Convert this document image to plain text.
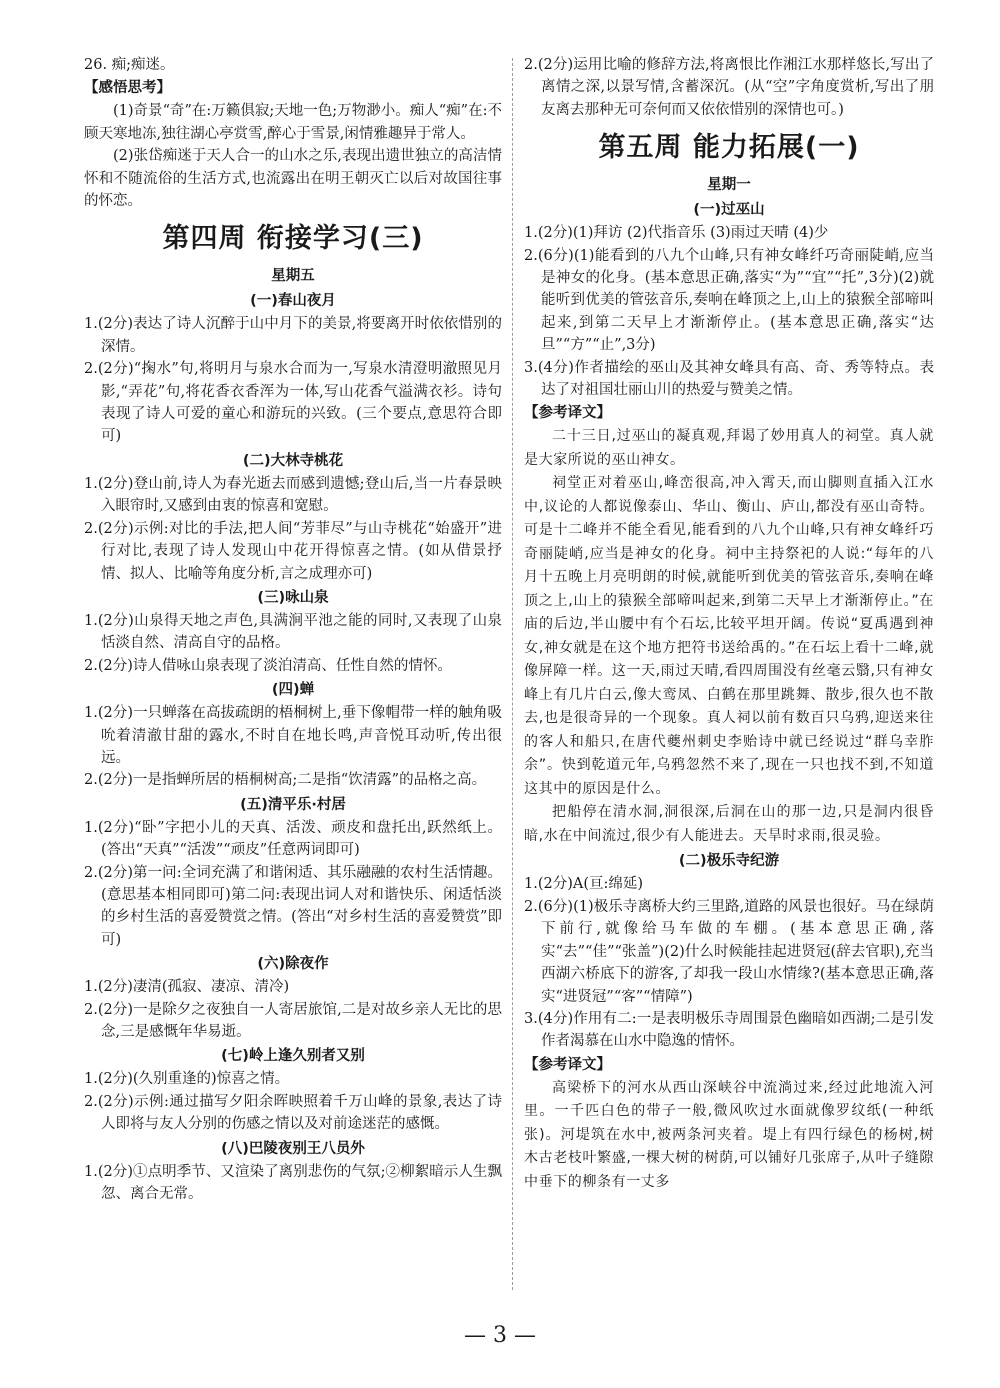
26. 痴;痴迷。

【感悟思考】

(1)奇景“奇”在:万籁俱寂;天地一色;万物渺小。痴人“痴”在:不顾天寒地冻,独往湖心亭赏雪,醉心于雪景,闲情雅趣异于常人。

(2)张岱痴迷于天人合一的山水之乐,表现出遗世独立的高洁情怀和不随流俗的生活方式,也流露出在明王朝灭亡以后对故国往事的怀恋。

第四周 衔接学习(三)
星期五
(一)春山夜月

1.(2分)表达了诗人沉醉于山中月下的美景,将要离开时依依惜别的深情。

2.(2分)“掬水”句,将明月与泉水合而为一,写泉水清澄明澈照见月影,“弄花”句,将花香衣香浑为一体,写山花香气溢满衣衫。诗句表现了诗人可爱的童心和游玩的兴致。(三个要点,意思符合即可)

(二)大林寺桃花

1.(2分)登山前,诗人为春光逝去而感到遗憾;登山后,当一片春景映入眼帘时,又感到由衷的惊喜和宽慰。

2.(2分)示例:对比的手法,把人间“芳菲尽”与山寺桃花“始盛开”进行对比,表现了诗人发现山中花开得惊喜之情。(如从借景抒情、拟人、比喻等角度分析,言之成理亦可)

(三)咏山泉

1.(2分)山泉得天地之声色,具满涧平池之能的同时,又表现了山泉恬淡自然、清高自守的品格。

2.(2分)诗人借咏山泉表现了淡泊清高、任性自然的情怀。

(四)蝉

1.(2分)一只蝉落在高拔疏朗的梧桐树上,垂下像帽带一样的触角吸吮着清澈甘甜的露水,不时自在地长鸣,声音悦耳动听,传出很远。

2.(2分)一是指蝉所居的梧桐树高;二是指“饮清露”的品格之高。

(五)清平乐·村居

1.(2分)“卧”字把小儿的天真、活泼、顽皮和盘托出,跃然纸上。(答出“天真”“活泼”“顽皮”任意两词即可)

2.(2分)第一问:全词充满了和谐闲适、其乐融融的农村生活情趣。(意思基本相同即可)第二问:表现出词人对和谐快乐、闲适恬淡的乡村生活的喜爱赞赏之情。(答出“对乡村生活的喜爱赞赏”即可)

(六)除夜作

1.(2分)凄清(孤寂、凄凉、清冷)

2.(2分)一是除夕之夜独自一人寄居旅馆,二是对故乡亲人无比的思念,三是感慨年华易逝。

(七)岭上逢久别者又别

1.(2分)(久别重逢的)惊喜之情。

2.(2分)示例:通过描写夕阳余晖映照着千万山峰的景象,表达了诗人即将与友人分别的伤感之情以及对前途迷茫的感慨。

(八)巴陵夜别王八员外

1.(2分)①点明季节、又渲染了离别悲伤的气氛;②柳絮暗示人生飘忽、离合无常。

2.(2分)运用比喻的修辞方法,将离恨比作湘江水那样悠长,写出了离情之深,以景写情,含蓄深沉。(从“空”字角度赏析,写出了朋友离去那种无可奈何而又依依惜别的深情也可。)

第五周 能力拓展(一)
星期一
(一)过巫山

1.(2分)(1)拜访 (2)代指音乐 (3)雨过天晴 (4)少

2.(6分)(1)能看到的八九个山峰,只有神女峰纤巧奇丽陡峭,应当是神女的化身。(基本意思正确,落实“为”“宜”“托”,3分)(2)就能听到优美的管弦音乐,奏响在峰顶之上,山上的猿猴全部啼叫起来,到第二天早上才渐渐停止。(基本意思正确,落实“达旦”“方”“止”,3分)

3.(4分)作者描绘的巫山及其神女峰具有高、奇、秀等特点。表达了对祖国壮丽山川的热爱与赞美之情。

【参考译文】

二十三日,过巫山的凝真观,拜谒了妙用真人的祠堂。真人就是大家所说的巫山神女。

祠堂正对着巫山,峰峦很高,冲入霄天,而山脚则直插入江水中,议论的人都说像泰山、华山、衡山、庐山,都没有巫山奇特。可是十二峰并不能全看见,能看到的八九个山峰,只有神女峰纤巧奇丽陡峭,应当是神女的化身。祠中主持祭祀的人说:“每年的八月十五晚上月亮明朗的时候,就能听到优美的管弦音乐,奏响在峰顶之上,山上的猿猴全部啼叫起来,到第二天早上才渐渐停止。”在庙的后边,半山腰中有个石坛,比较平坦开阔。传说“夏禹遇到神女,神女就是在这个地方把符书送给禹的。”在石坛上看十二峰,就像屏障一样。这一天,雨过天晴,看四周围没有丝毫云翳,只有神女峰上有几片白云,像大鸾凤、白鹤在那里跳舞、散步,很久也不散去,也是很奇异的一个现象。真人祠以前有数百只乌鸦,迎送来往的客人和船只,在唐代夔州刺史李贻诗中就已经说过“群乌幸胙余”。快到乾道元年,乌鸦忽然不来了,现在一只也找不到,不知道这其中的原因是什么。

把船停在清水洞,洞很深,后洞在山的那一边,只是洞内很昏暗,水在中间流过,很少有人能进去。天旱时求雨,很灵验。

(二)极乐寺纪游

1.(2分)A(亘:绵延)

2.(6分)(1)极乐寺离桥大约三里路,道路的风景也很好。马在绿荫下前行,就像给马车做的车棚。(基本意思正确,落实“去”“佳”“张盖”)(2)什么时候能挂起进贤冠(辞去官职),充当西湖六桥底下的游客,了却我一段山水情缘?(基本意思正确,落实“进贤冠”“客”“情障”)

3.(4分)作用有二:一是表明极乐寺周围景色幽暗如西湖;二是引发作者渴慕在山水中隐逸的情怀。

【参考译文】

高梁桥下的河水从西山深峡谷中流淌过来,经过此地流入河里。一千匹白色的带子一般,微风吹过水面就像罗纹纸(一种纸张)。河堤筑在水中,被两条河夹着。堤上有四行绿色的杨树,树木古老枝叶繁盛,一棵大树的树荫,可以铺好几张席子,从叶子缝隙中垂下的柳条有一丈多

— 3 —
